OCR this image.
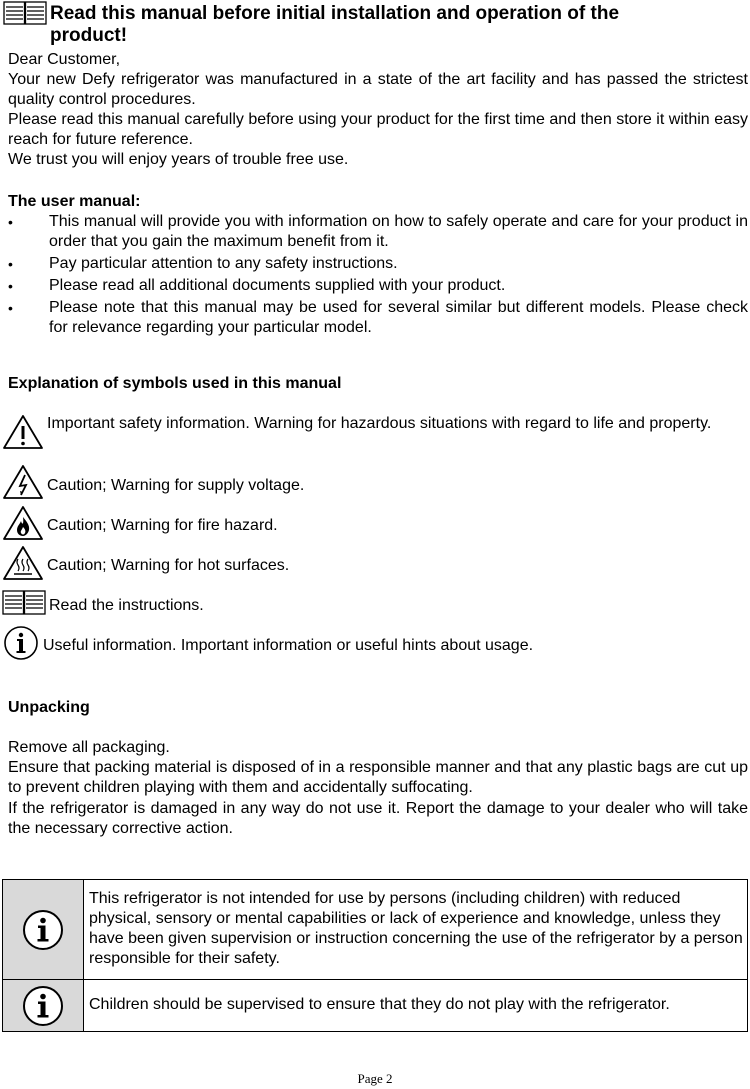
Read this manual before initial installation and operation of the product!
Dear Customer,
Your new Defy refrigerator was manufactured in a state of the art facility and has passed the strictest quality control procedures.
Please read this manual carefully before using your product for the first time and then store it within easy reach for future reference.
We trust you will enjoy years of trouble free use.
The user manual:

• This manual will provide you with information on how to safely operate and care for your product in order that you gain the maximum benefit from it.

• Pay particular attention to any safety instructions.

• Please read all additional documents supplied with your product.

• Please note that this manual may be used for several similar but different models. Please check for relevance regarding your particular model.

Explanation of symbols used in this manual
Important safety information. Warning for hazardous situations with regard to life and property.
Caution; Warning for supply voltage.
Caution; Warning for fire hazard.
Caution; Warning for hot surfaces.
Read the instructions.
Useful information. Important information or useful hints about usage.
Unpacking
Remove all packaging.
Ensure that packing material is disposed of in a responsible manner and that any plastic bags are cut up to prevent children playing with them and accidentally suffocating.
If the refrigerator is damaged in any way do not use it. Report the damage to your dealer who will take the necessary corrective action.
	This refrigerator is not intended for use by persons (including children) with reduced physical, sensory or mental capabilities or lack of experience and knowledge, unless they have been given supervision or instruction concerning the use of the refrigerator by a person responsible for their safety.

	Children should be supervised to ensure that they do not play with the refrigerator.
Page 2
